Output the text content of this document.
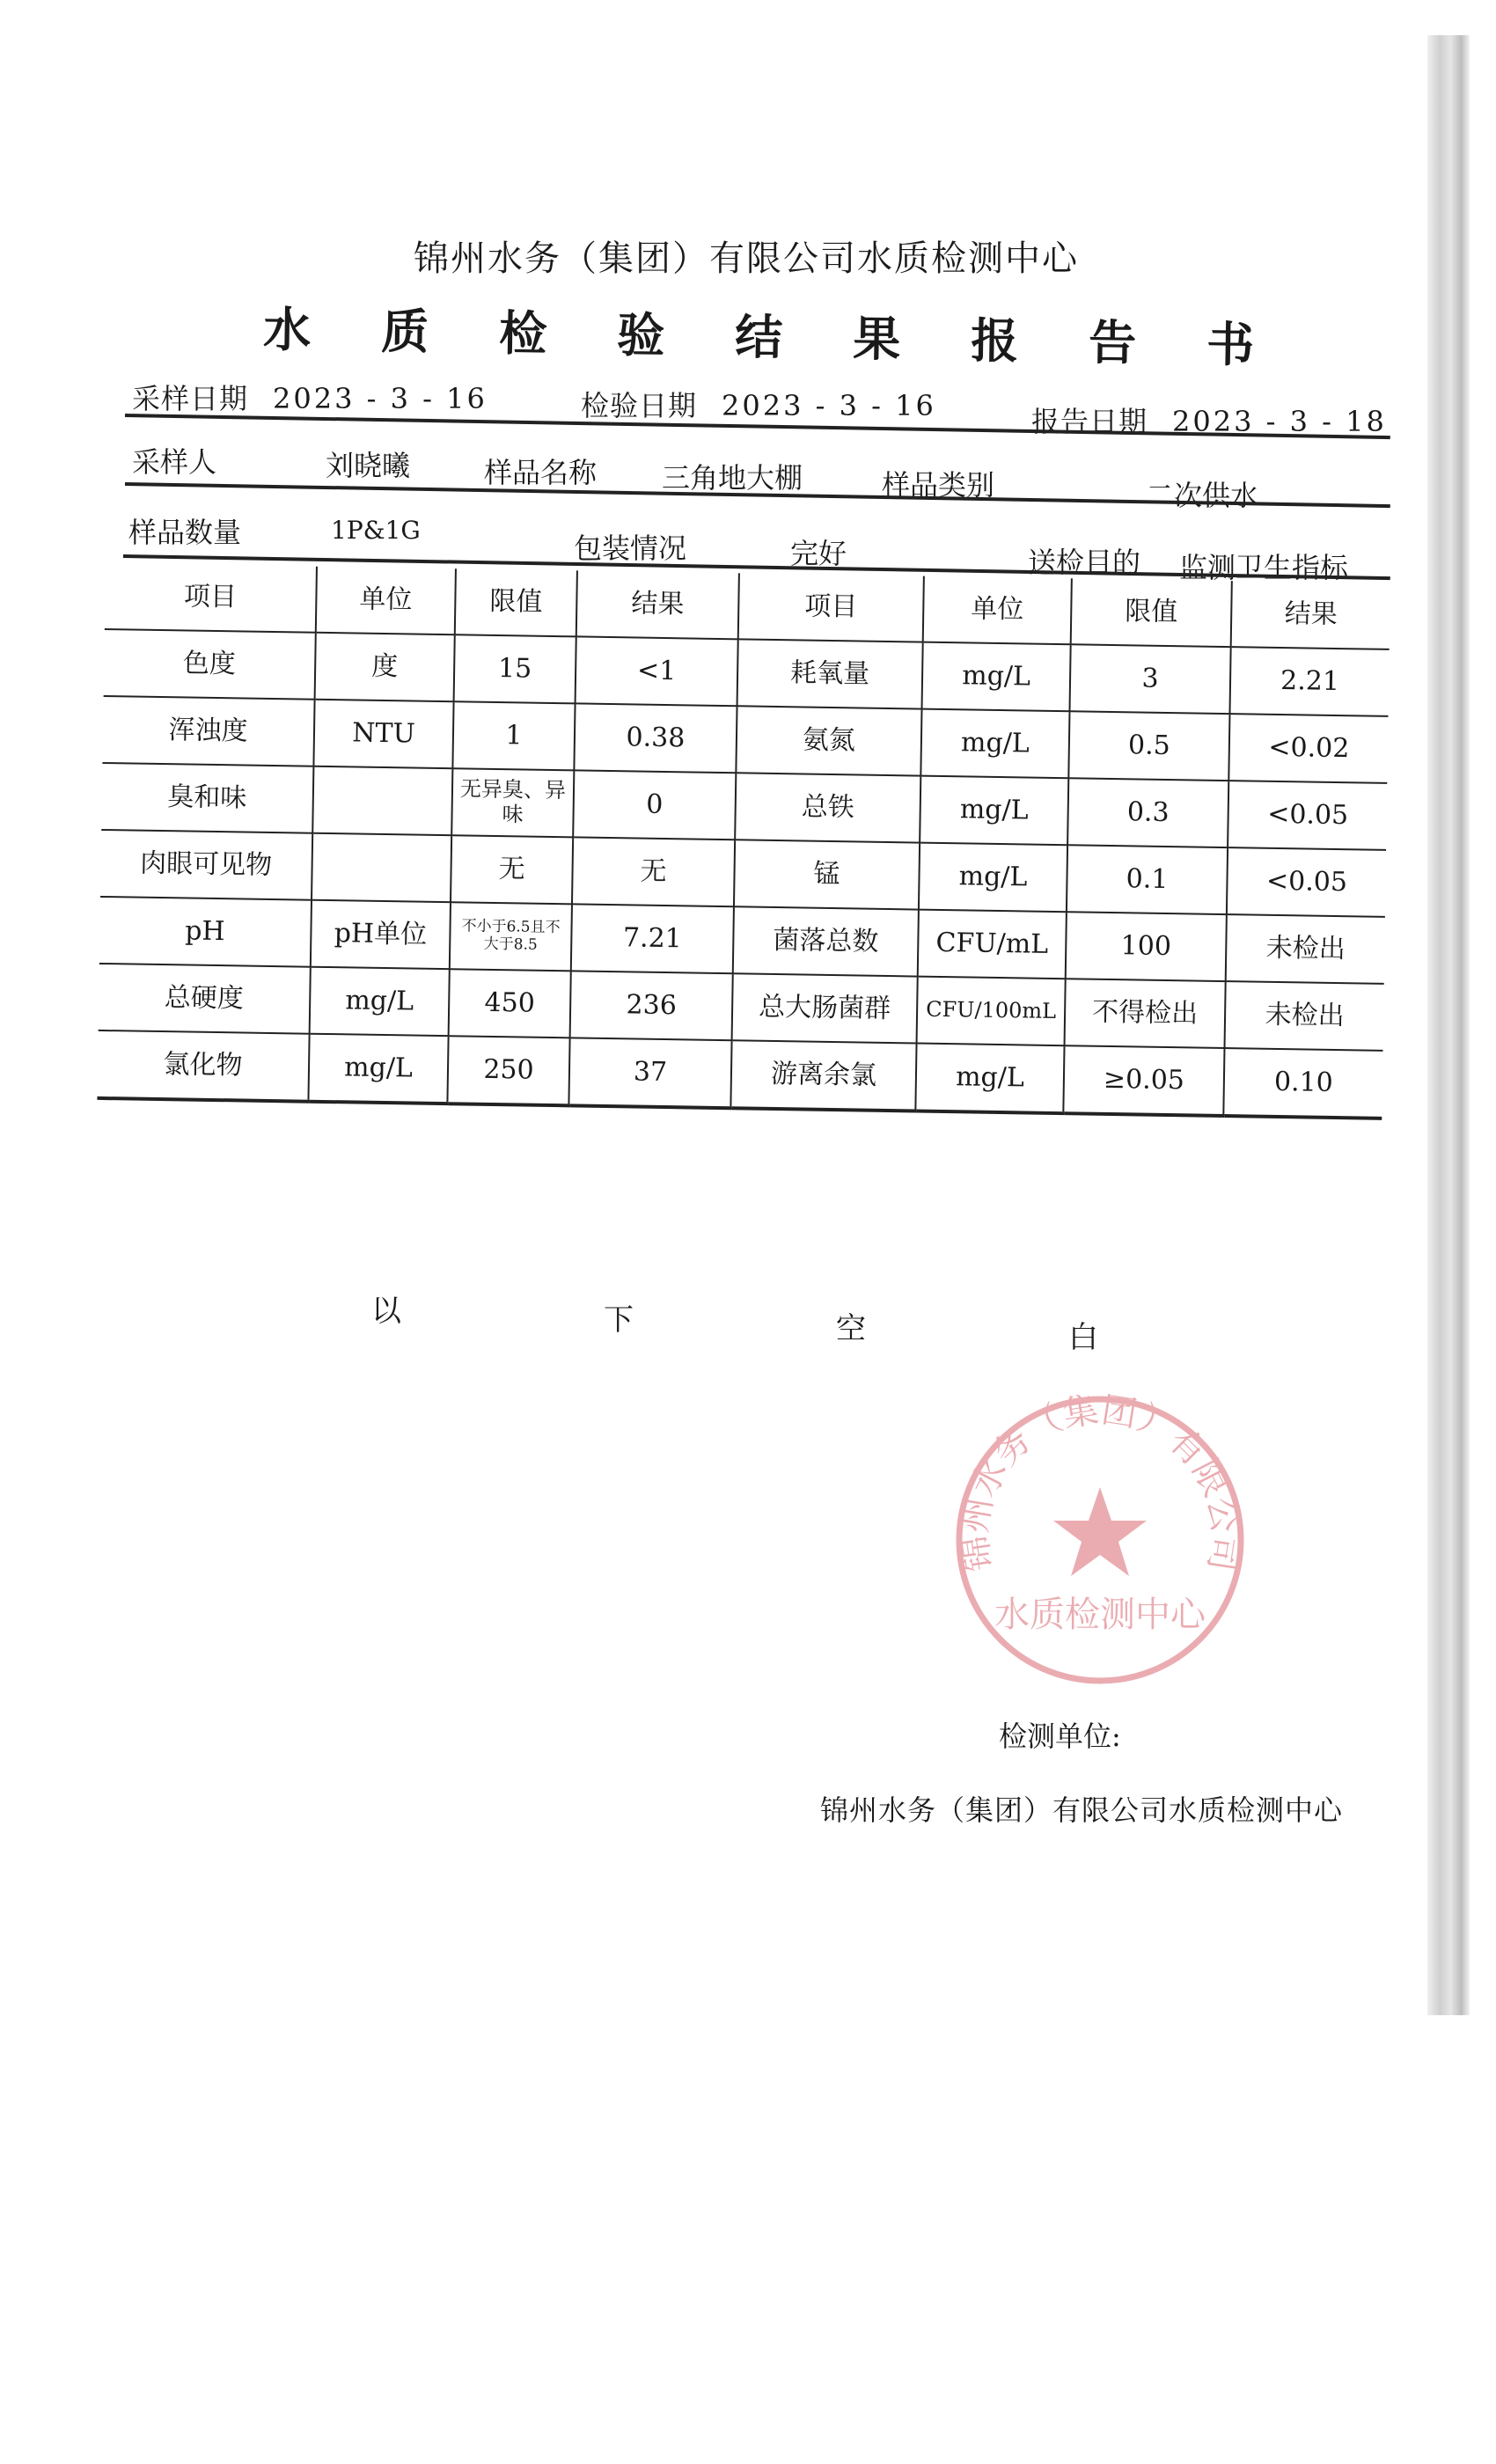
锦州水务（集团）有限公司水质检测中心
水质检验结果报告书
采样日期 2023 - 3 - 16	检验日期 2023 - 3 - 16	报告日期 2023 - 3 - 18
采样人	刘晓曦	样品名称 三角地大棚	样品类别	二次供水
样品数量	1P&1G
包装情况	完好	送检目的 监测卫生指标
项目	单位	限值	结果	项目	单位	限值	结果
色度	度	15	<1	耗氧量	mg/L	3	2.21
浑浊度	NTU	1	0.38	氨氮	mg/L	0.5	<0.02
臭和味		无异臭、异味	0	总铁	mg/L	0.3	<0.05
肉眼可见物		无	无	锰	mg/L	0.1	<0.05
pH	pH单位	不小于6.5且不大于8.5	7.21	菌落总数	CFU/mL	100	未检出
总硬度	mg/L	450	236	总大肠菌群	CFU/100mL	不得检出	未检出
氯化物	mg/L	250	37	游离余氯	mg/L	≥0.05	0.10
以	下	空	白
锦州水务（集团）有限公司
水质检测中心
检测单位:
锦州水务（集团）有限公司水质检测中心
